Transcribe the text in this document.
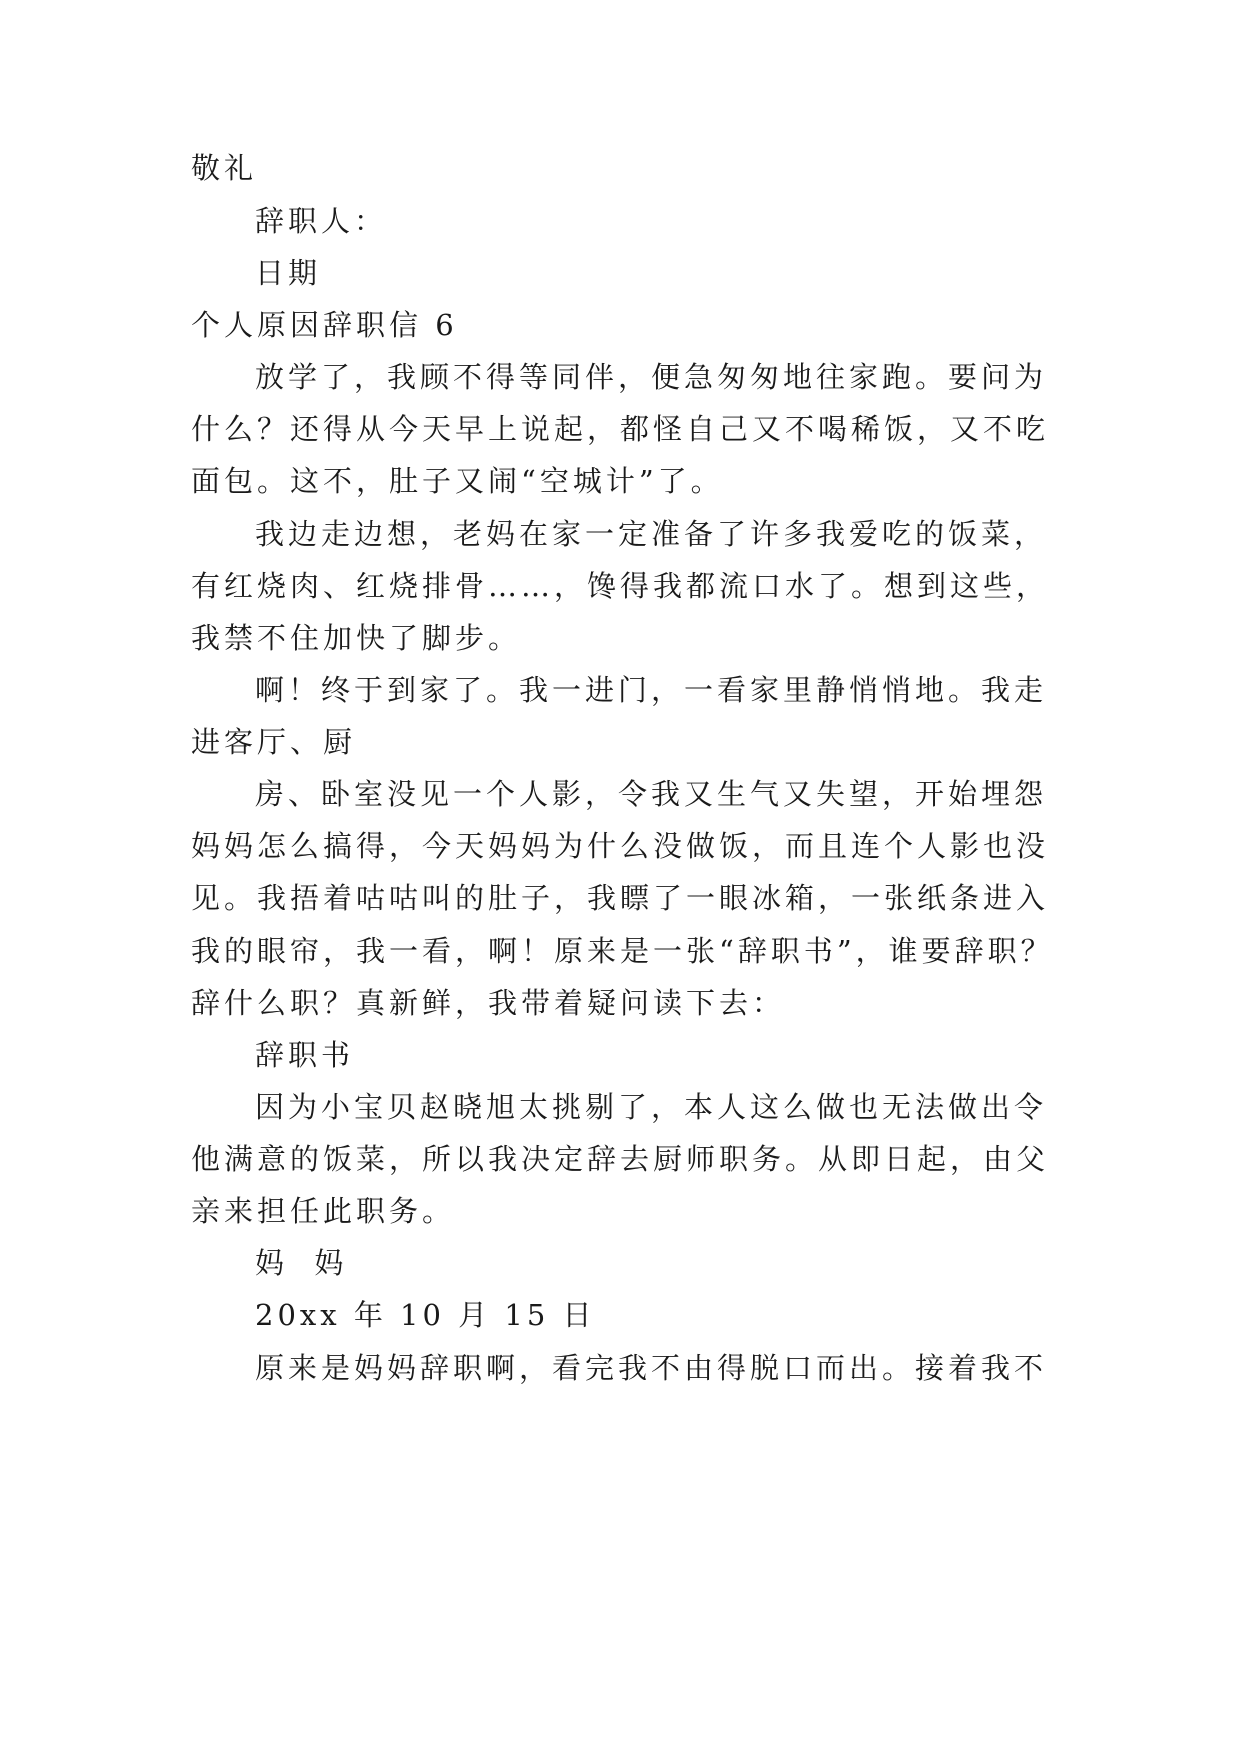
敬礼
辞职人：
日期
个人原因辞职信 6
放学了，我顾不得等同伴，便急匆匆地往家跑。要问为
什么？还得从今天早上说起，都怪自己又不喝稀饭，又不吃
面包。这不，肚子又闹“空城计”了。
我边走边想，老妈在家一定准备了许多我爱吃的饭菜，
有红烧肉、红烧排骨……，馋得我都流口水了。想到这些，
我禁不住加快了脚步。
啊！终于到家了。我一进门，一看家里静悄悄地。我走
进客厅、厨
房、卧室没见一个人影，令我又生气又失望，开始埋怨
妈妈怎么搞得，今天妈妈为什么没做饭，而且连个人影也没
见。我捂着咕咕叫的肚子，我瞟了一眼冰箱，一张纸条进入
我的眼帘，我一看，啊！原来是一张“辞职书”，谁要辞职？
辞什么职？真新鲜，我带着疑问读下去：
辞职书
因为小宝贝赵晓旭太挑剔了，本人这么做也无法做出令
他满意的饭菜，所以我决定辞去厨师职务。从即日起，由父
亲来担任此职务。
妈  妈
20xx 年 10 月 15 日
原来是妈妈辞职啊，看完我不由得脱口而出。接着我不
